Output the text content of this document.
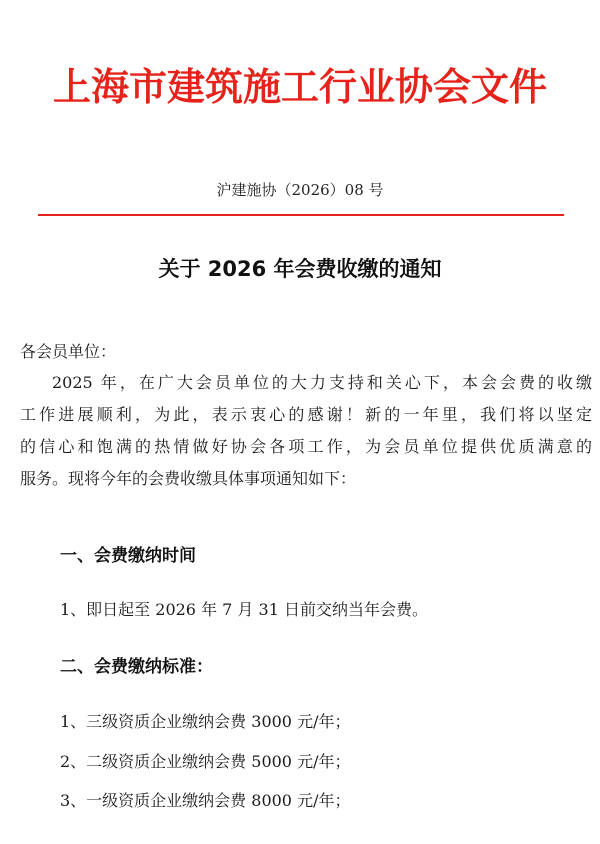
上海市建筑施工行业协会文件
沪建施协（2026）08 号
关于 2026 年会费收缴的通知
各会员单位：
2025 年，在广大会员单位的大力支持和关心下，本会会费的收缴
工作进展顺利，为此，表示衷心的感谢！新的一年里，我们将以坚定
的信心和饱满的热情做好协会各项工作，为会员单位提供优质满意的
服务。现将今年的会费收缴具体事项通知如下：
一、会费缴纳时间
1、即日起至 2026 年 7 月 31 日前交纳当年会费。
二、会费缴纳标准：
1、三级资质企业缴纳会费 3000 元/年；
2、二级资质企业缴纳会费 5000 元/年；
3、一级资质企业缴纳会费 8000 元/年；
